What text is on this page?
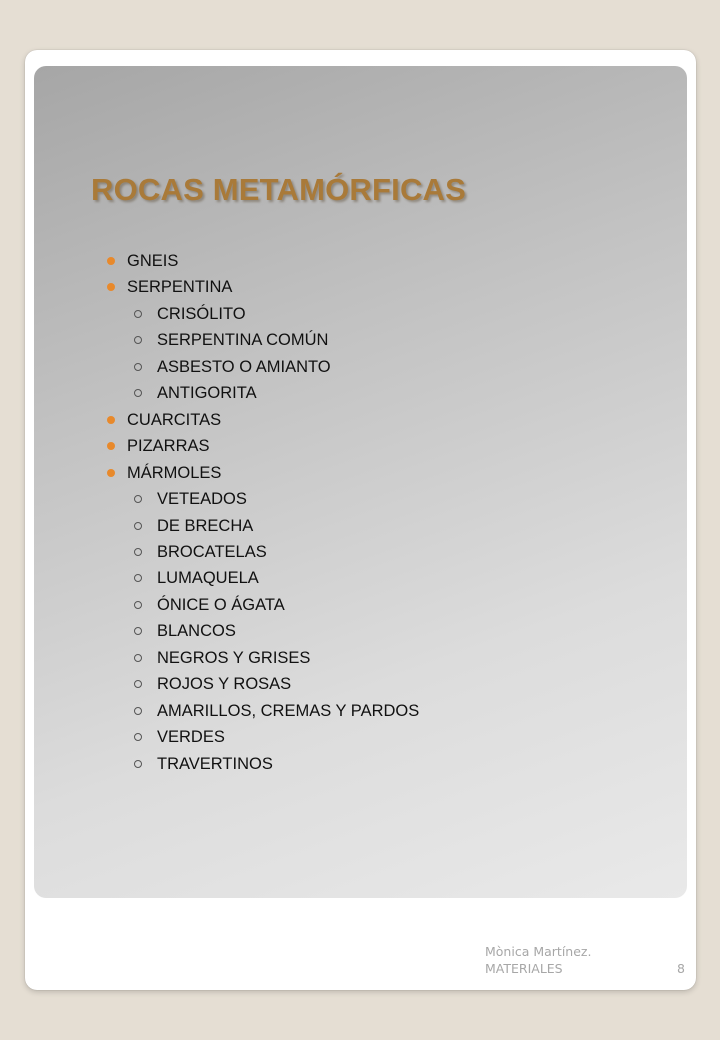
ROCAS METAMÓRFICAS
GNEIS
SERPENTINA
CRISÓLITO
SERPENTINA COMÚN
ASBESTO O AMIANTO
ANTIGORITA
CUARCITAS
PIZARRAS
MÁRMOLES
VETEADOS
DE BRECHA
BROCATELAS
LUMAQUELA
ÓNICE O ÁGATA
BLANCOS
NEGROS Y GRISES
ROJOS Y ROSAS
AMARILLOS, CREMAS Y PARDOS
VERDES
TRAVERTINOS
Mònica Martínez.
MATERIALES	8
